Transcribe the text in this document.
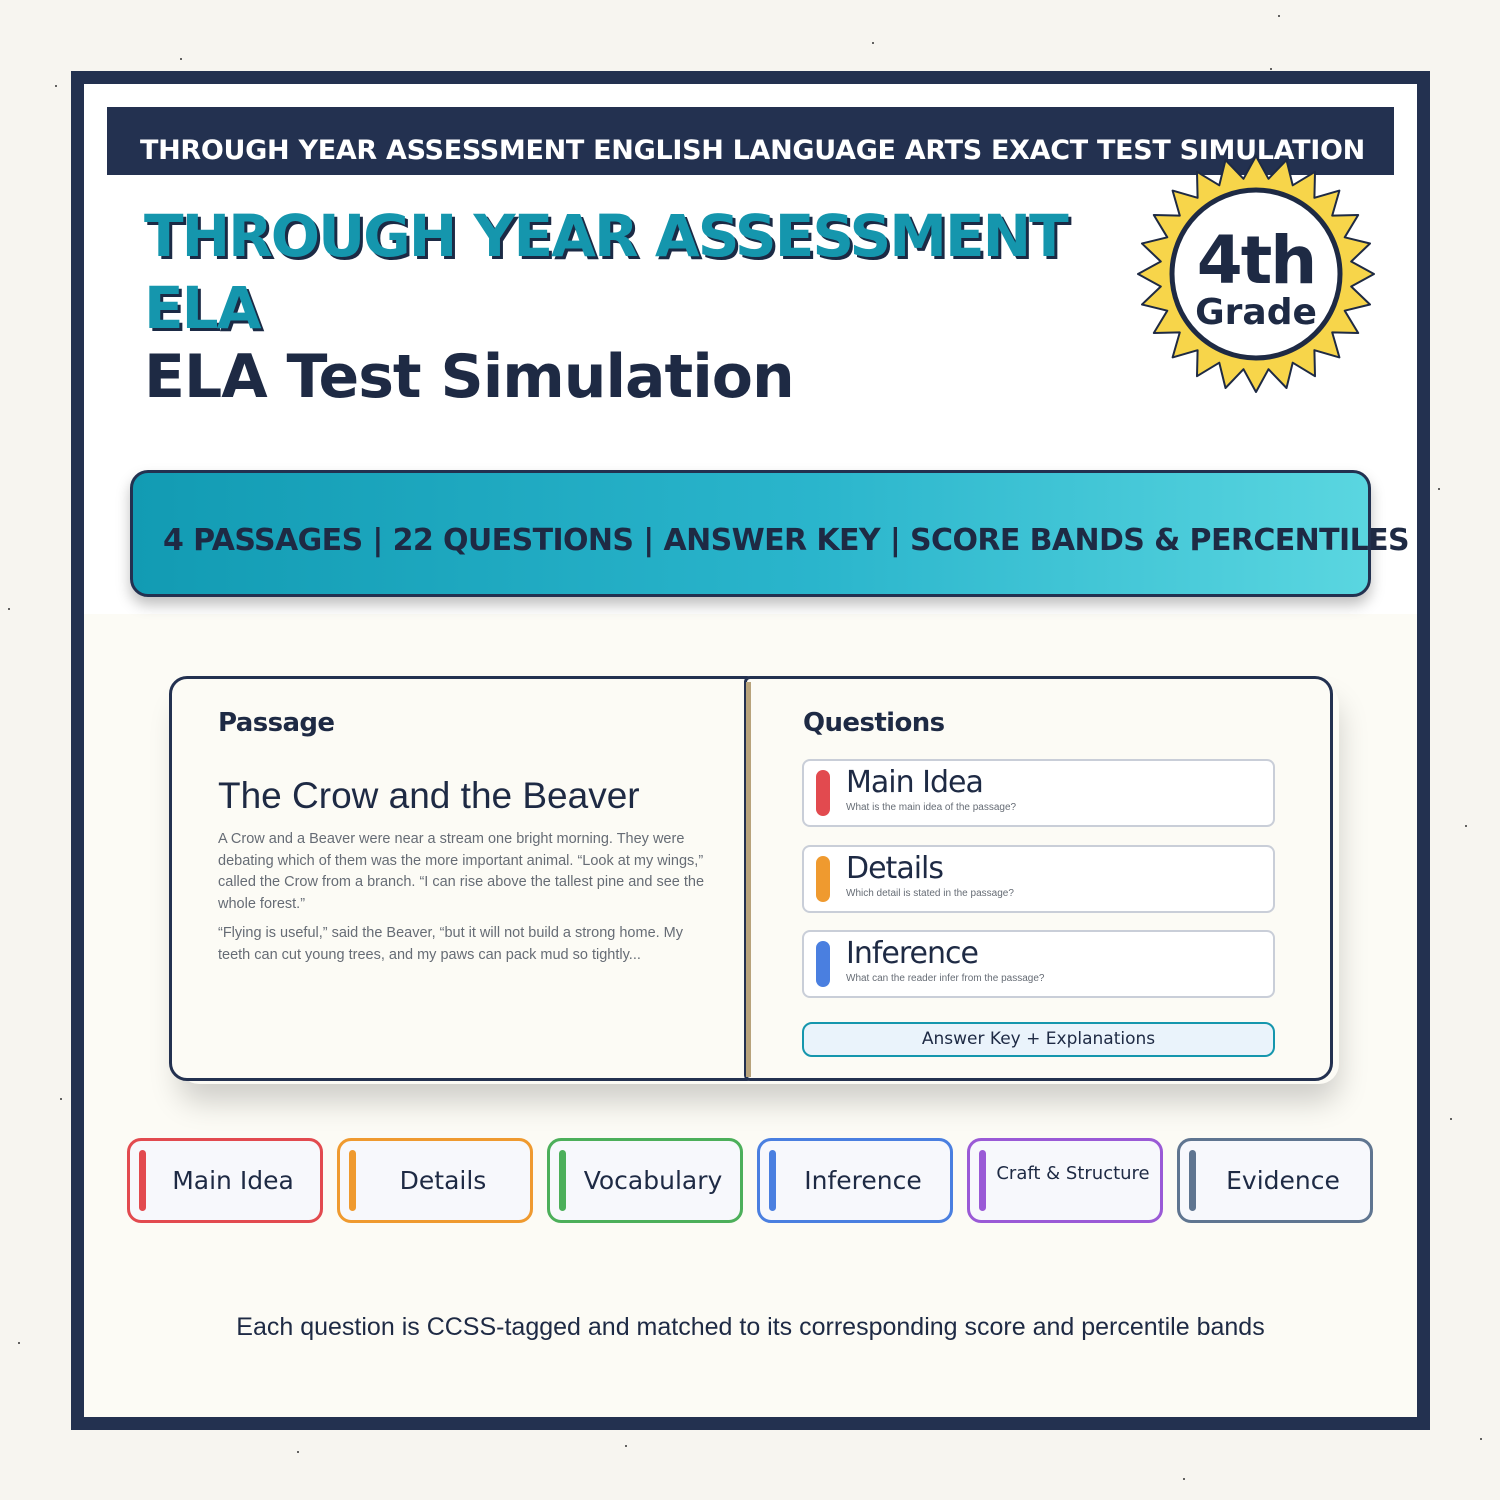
THROUGH YEAR ASSESSMENT ENGLISH LANGUAGE ARTS EXACT TEST SIMULATION
THROUGH YEAR ASSESSMENT
ELA
ELA Test Simulation
4th
Grade
4 PASSAGES | 22 QUESTIONS | ANSWER KEY | SCORE BANDS & PERCENTILES
Passage
The Crow and the Beaver
A Crow and a Beaver were near a stream one bright morning. They were debating which of them was the more important animal. “Look at my wings,” called the Crow from a branch. “I can rise above the tallest pine and see the whole forest.”
“Flying is useful,” said the Beaver, “but it will not build a strong home. My teeth can cut young trees, and my paws can pack mud so tightly...
Questions
Main Idea
What is the main idea of the passage?
Details
Which detail is stated in the passage?
Inference
What can the reader infer from the passage?
Answer Key + Explanations
Main Idea	Details	Vocabulary	Inference	Craft & Structure	Evidence
Each question is CCSS-tagged and matched to its corresponding score and percentile bands
